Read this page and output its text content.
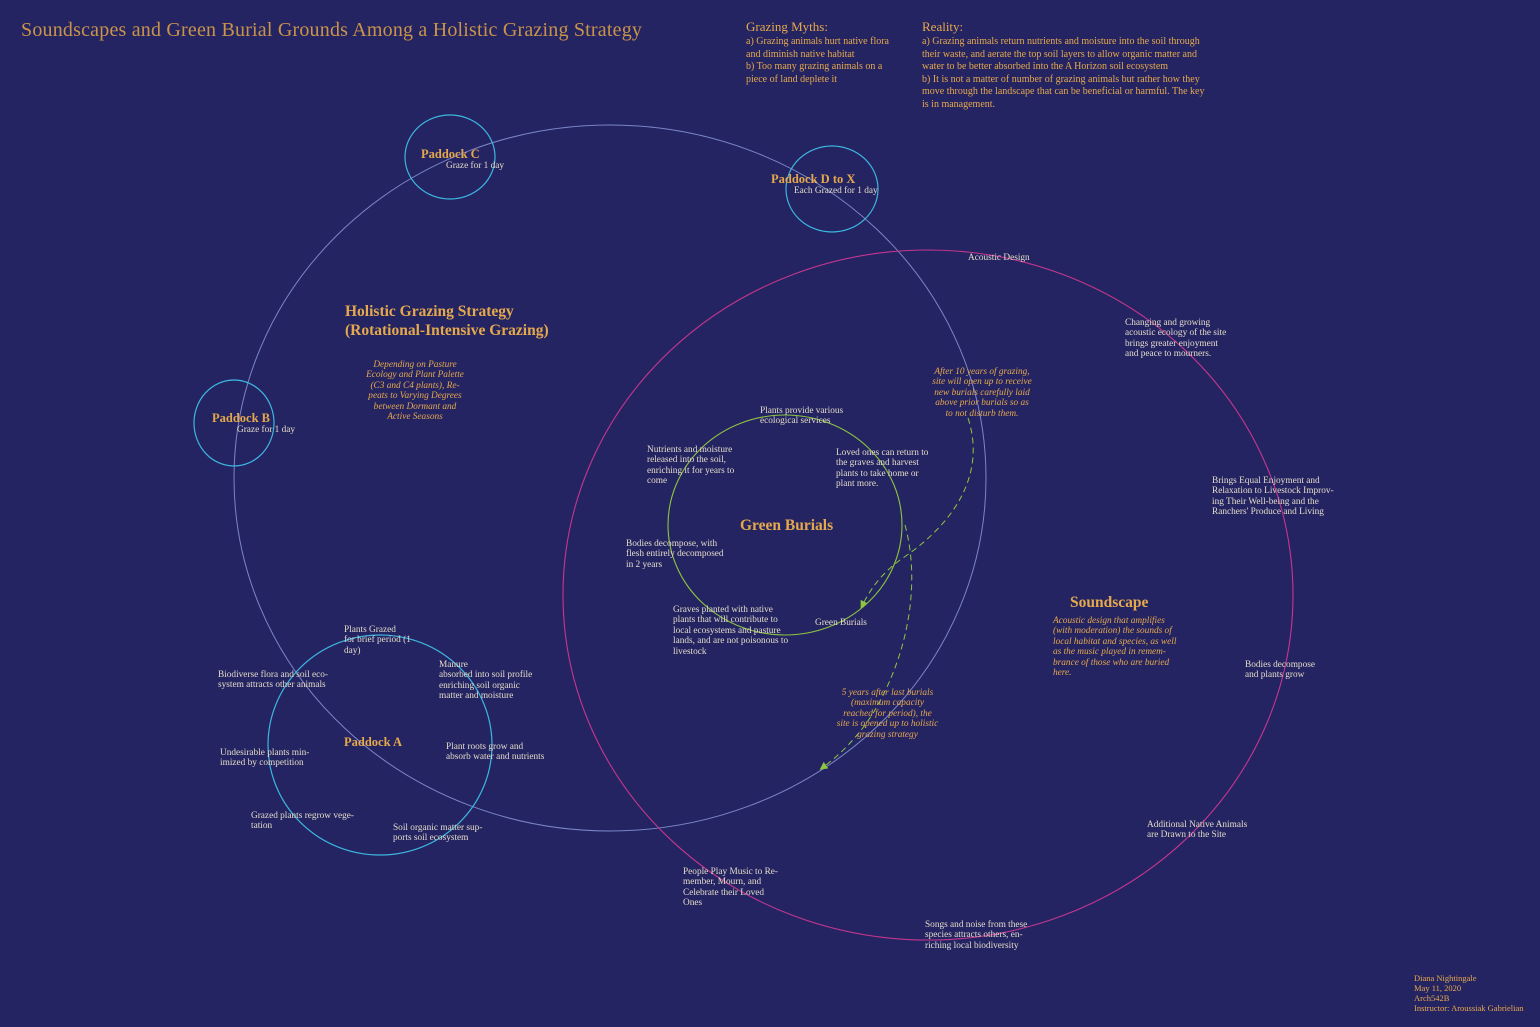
Soundscapes and Green Burial Grounds Among a Holistic Grazing Strategy	Grazing Myths:
a) Grazing animals hurt native flora
and diminish native habitat
b) Too many grazing animals on a
piece of land deplete it
Reality:
a) Grazing animals return nutrients and moisture into the soil through
their waste, and aerate the top soil layers to allow organic matter and
water to be better absorbed into the A Horizon soil ecosystem
b) It is not a matter of number of grazing animals but rather how they
move through the landscape that can be beneficial or harmful. The key
is in management.
Holistic Grazing Strategy
(Rotational-Intensive Grazing)
Depending on Pasture
Ecology and Plant Palette
(C3 and C4 plants), Re-
peats to Varying Degrees
between Dormant and
Active Seasons
Paddock C
Graze for 1 day
Paddock D to X
Each Grazed for 1 day
Paddock B
Graze for 1 day
Paddock A
Plants Grazed
for brief period (1
day)
Manure
absorbed into soil profile
enriching soil organic
matter and moisture
Plant roots grow and
absorb water and nutrients
Soil organic matter sup-
ports soil ecosystem
Grazed plants regrow vege-
tation
Undesirable plants min-
imized by competition
Biodiverse flora and soil eco-
system attracts other animals
Green Burials
Plants provide various
ecological services
Loved ones can return to
the graves and harvest
plants to take home or
plant more.
Nutrients and moisture
released into the soil,
enriching it for years to
come
Bodies decompose, with
flesh entirely decomposed
in 2 years
Graves planted with native
plants that will contribute to
local ecosystems and pasture
lands, and are not poisonous to
livestock
Green Burials
After 10 years of grazing,
site will open up to receive
new burials carefully laid
above prior burials so as
to not disturb them.
5 years after last burials
(maximum capacity
reached for period), the
site is opened up to holistic
grazing strategy
Soundscape
Acoustic design that amplifies
(with moderation) the sounds of
local habitat and species, as well
as the music played in remem-
brance of those who are buried
here.
Acoustic Design
Changing and growing
acoustic ecology of the site
brings greater enjoyment
and peace to mourners.
Brings Equal Enjoyment and
Relaxation to Livestock Improv-
ing Their Well-being and the
Ranchers' Produce and Living
Bodies decompose
and plants grow
Additional Native Animals
are Drawn to the Site
Songs and noise from these
species attracts others, en-
riching local biodiversity
People Play Music to Re-
member, Mourn, and
Celebrate their Loved
Ones
Diana Nightingale
May 11, 2020
Arch542B
Instructor: Aroussiak Gabrielian
